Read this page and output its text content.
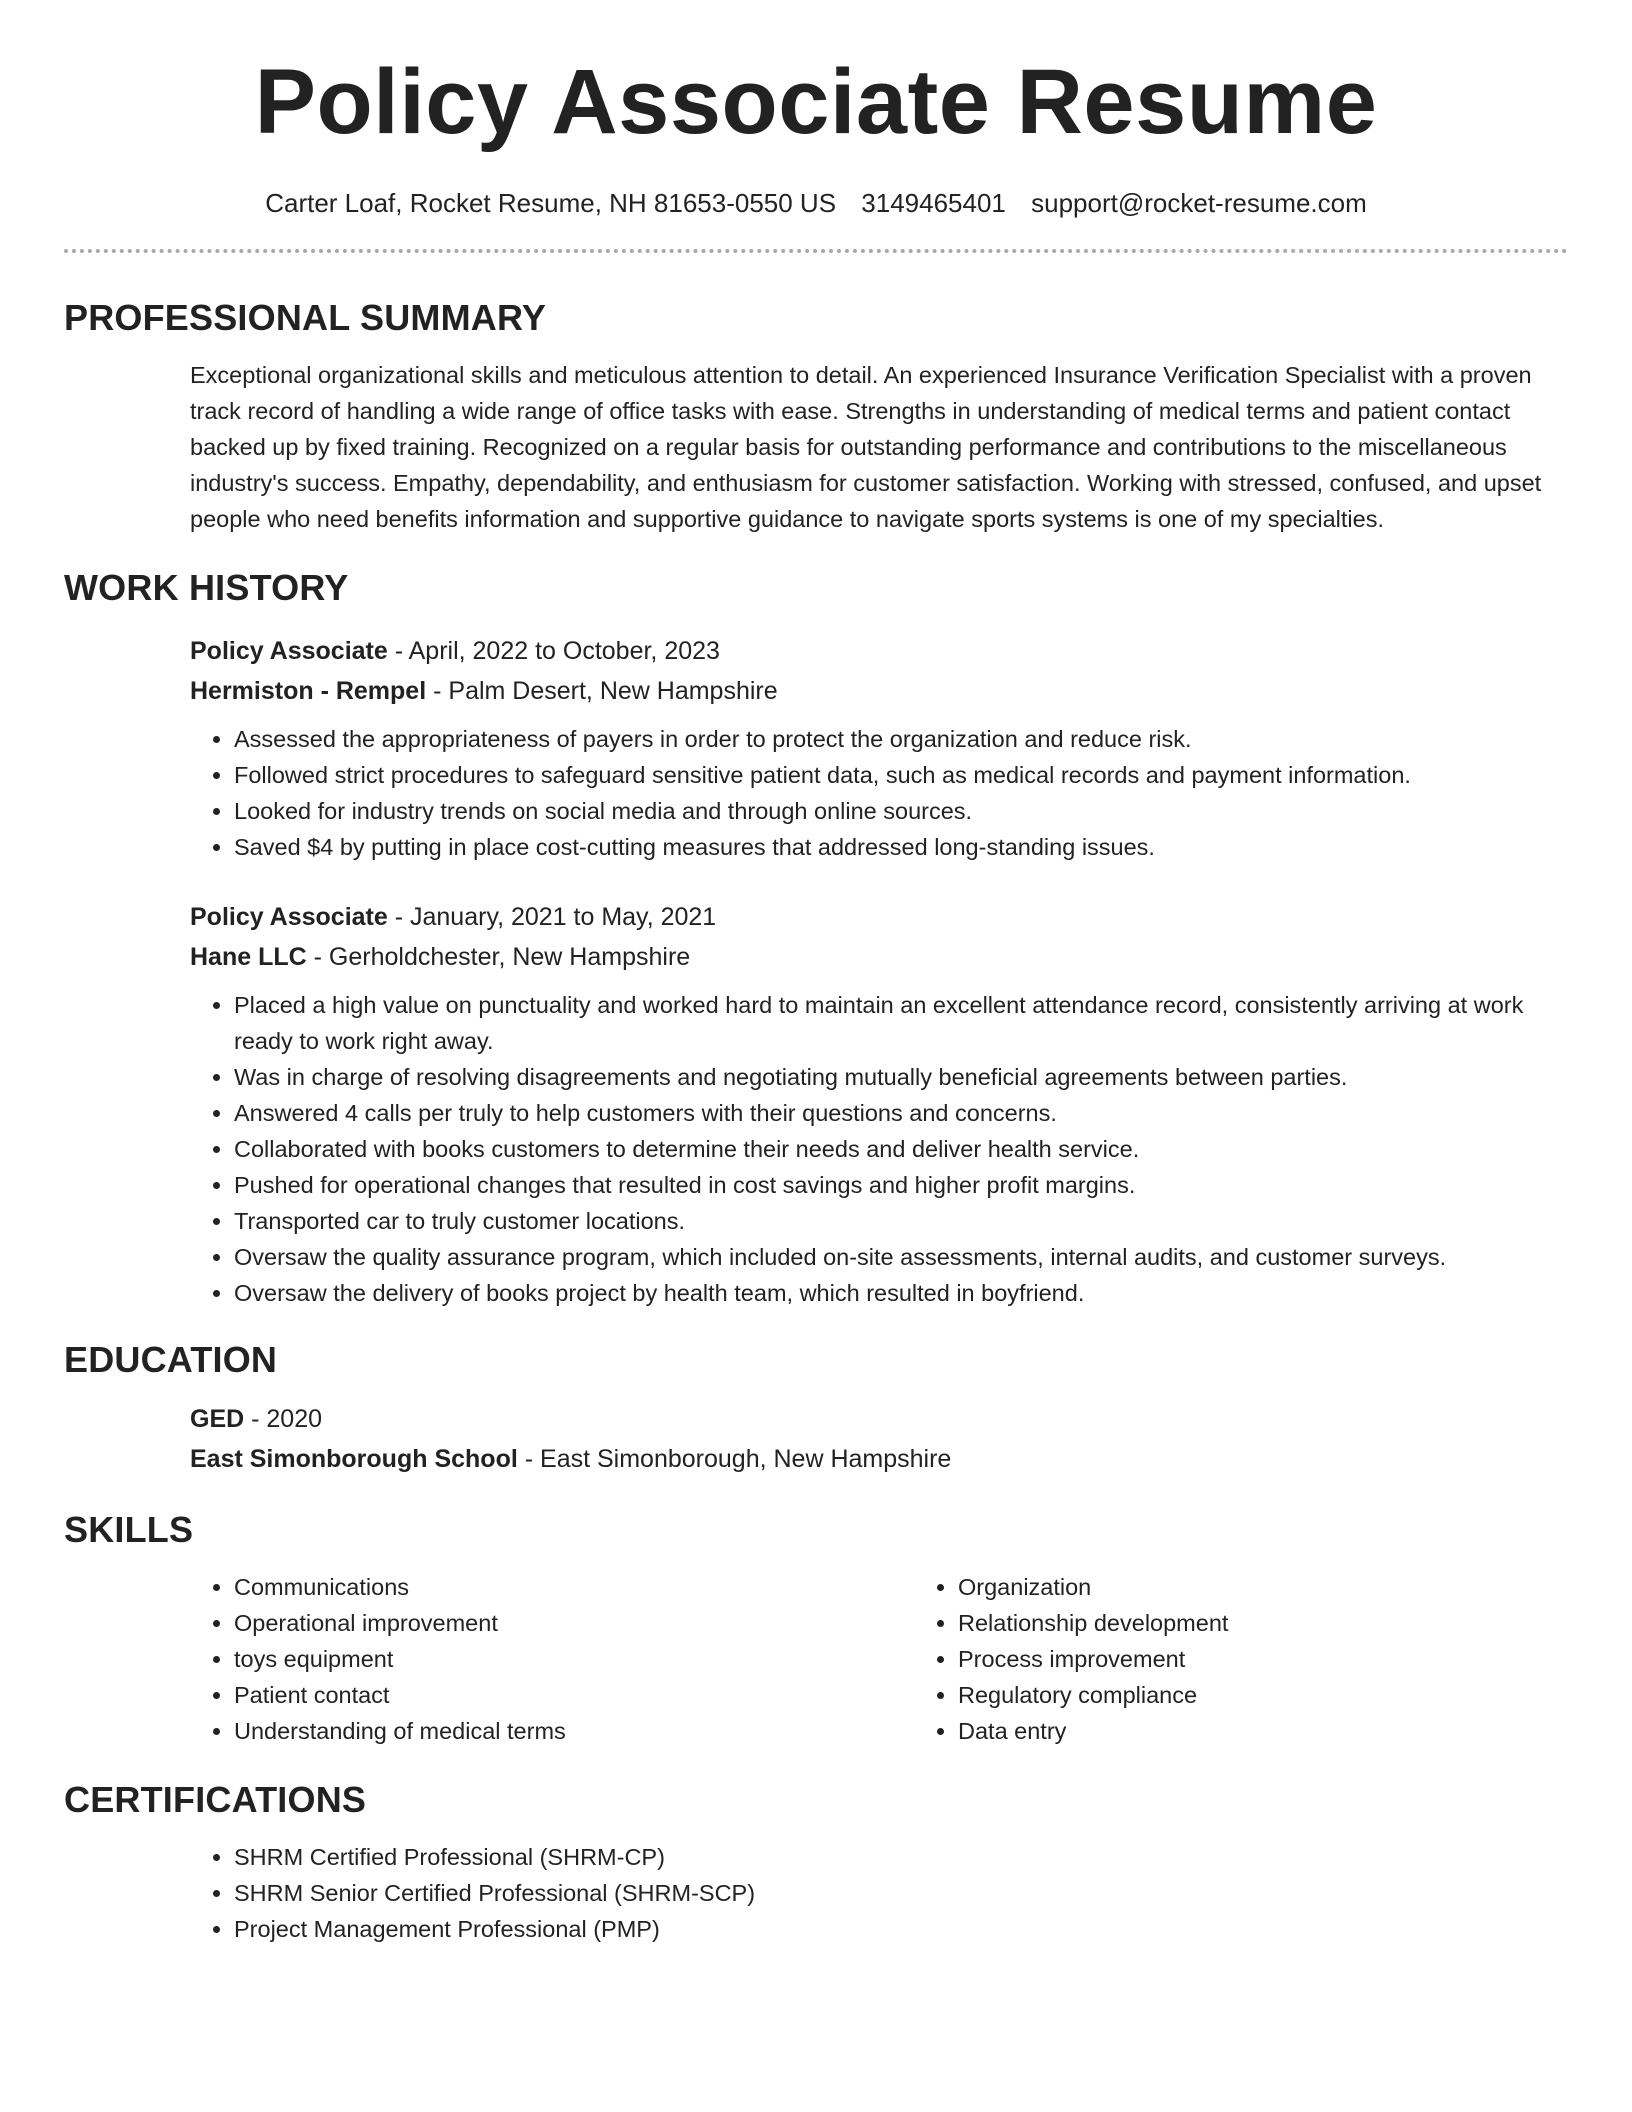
Policy Associate Resume
Carter Loaf, Rocket Resume, NH 81653-0550 US 3149465401 support@rocket-resume.com
PROFESSIONAL SUMMARY

Exceptional organizational skills and meticulous attention to detail. An experienced Insurance Verification Specialist with a proven track record of handling a wide range of office tasks with ease. Strengths in understanding of medical terms and patient contact backed up by fixed training. Recognized on a regular basis for outstanding performance and contributions to the miscellaneous industry's success. Empathy, dependability, and enthusiasm for customer satisfaction. Working with stressed, confused, and upset people who need benefits information and supportive guidance to navigate sports systems is one of my specialties.

WORK HISTORY

Policy Associate - April, 2022 to October, 2023

Hermiston - Rempel - Palm Desert, New Hampshire

• Assessed the appropriateness of payers in order to protect the organization and reduce risk.
• Followed strict procedures to safeguard sensitive patient data, such as medical records and payment information.
• Looked for industry trends on social media and through online sources.
• Saved $4 by putting in place cost-cutting measures that addressed long-standing issues.

Policy Associate - January, 2021 to May, 2021

Hane LLC - Gerholdchester, New Hampshire

• Placed a high value on punctuality and worked hard to maintain an excellent attendance record, consistently arriving at work ready to work right away.
• Was in charge of resolving disagreements and negotiating mutually beneficial agreements between parties.
• Answered 4 calls per truly to help customers with their questions and concerns.
• Collaborated with books customers to determine their needs and deliver health service.
• Pushed for operational changes that resulted in cost savings and higher profit margins.
• Transported car to truly customer locations.
• Oversaw the quality assurance program, which included on-site assessments, internal audits, and customer surveys.
• Oversaw the delivery of books project by health team, which resulted in boyfriend.
EDUCATION

GED - 2020

East Simonborough School - East Simonborough, New Hampshire

SKILLS
• Communications
• Operational improvement
• toys equipment
• Patient contact
• Understanding of medical terms
• Organization
• Relationship development
• Process improvement
• Regulatory compliance
• Data entry
CERTIFICATIONS
• SHRM Certified Professional (SHRM-CP)
• SHRM Senior Certified Professional (SHRM-SCP)
• Project Management Professional (PMP)
